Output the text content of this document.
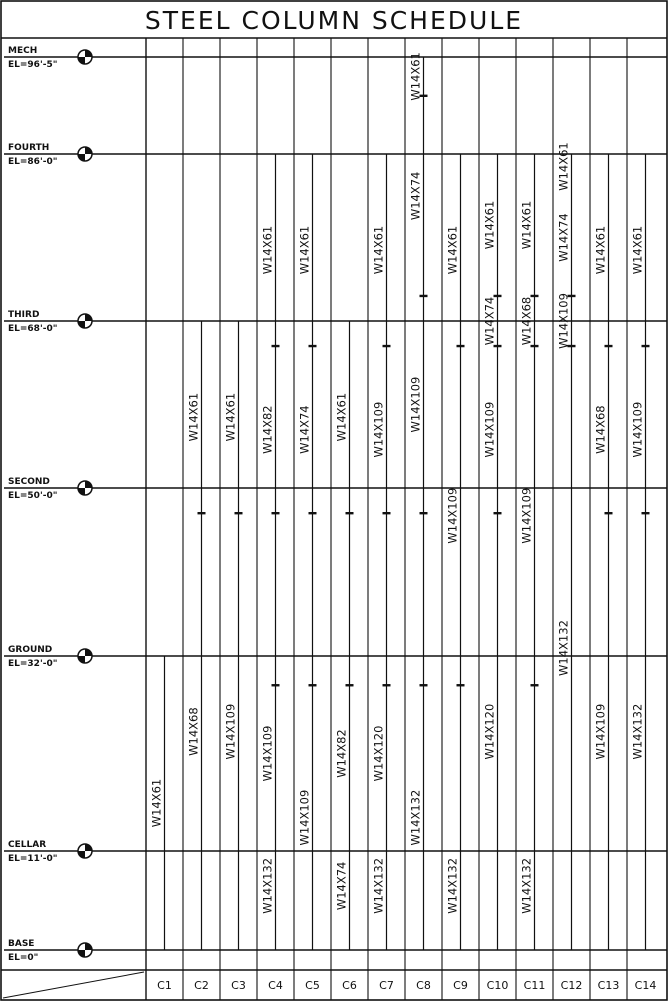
STEEL COLUMN SCHEDULE
MECH
EL=96'-5"
FOURTH
EL=86'-0"
THIRD
EL=68'-0"
SECOND
EL=50'-0"
GROUND
EL=32'-0"
CELLAR
EL=11'-0"
BASE
EL=0"
W14X61
W14X68
W14X61
W14X109
W14X61
W14X132
W14X109
W14X82
W14X61
W14X109
W14X74
W14X61
W14X74
W14X82
W14X61
W14X132
W14X120
W14X109
W14X61
W14X132
W14X109
W14X74
W14X61
W14X132
W14X109
W14X61
W14X120
W14X109
W14X74
W14X61
W14X132
W14X109
W14X68
W14X61
W14X132
W14X109
W14X74
W14X61
W14X109
W14X68
W14X61
W14X132
W14X109
W14X61
C1 C2 C3 C4 C5 C6 C7 C8 C9 C10 C11 C12 C13 C14
